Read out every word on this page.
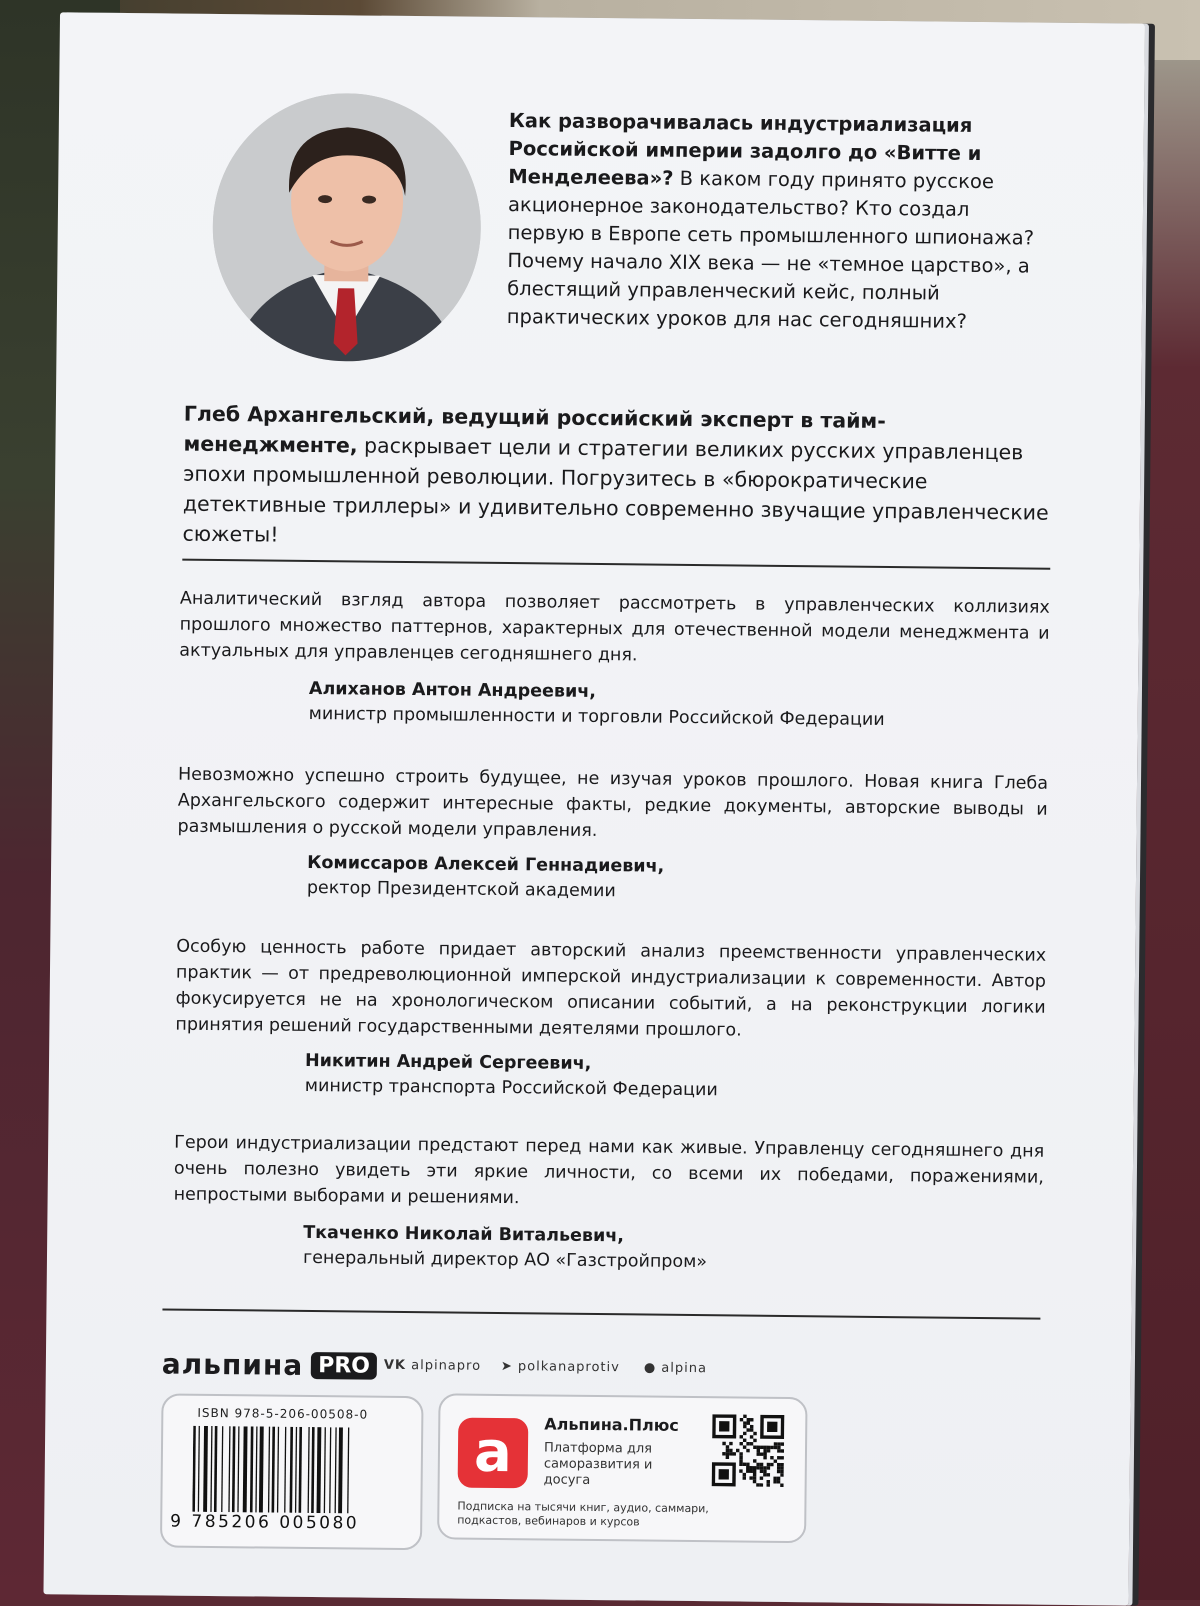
Как разворачивалась индустриализация Российской империи задолго до «Витте и Менделеева»? В каком году принято русское акционерное законодательство? Кто создал первую в Европе сеть промышленного шпионажа? Почему начало XIX века — не «темное царство», а блестящий управленческий кейс, полный практических уроков для нас сегодняшних?
Глеб Архангельский, ведущий российский эксперт в тайм-менеджменте, раскрывает цели и стратегии великих русских управленцев эпохи промышленной революции. Погрузитесь в «бюрократические детективные триллеры» и удивительно современно звучащие управленческие сюжеты!
Аналитический взгляд автора позволяет рассмотреть в управленческих коллизиях прошлого множество паттернов, характерных для отечественной модели менеджмента и актуальных для управленцев сегодняшнего дня.
Алиханов Антон Андреевич,
министр промышленности и торговли Российской Федерации
Невозможно успешно строить будущее, не изучая уроков прошлого. Новая книга Глеба Архангельского содержит интересные факты, редкие документы, авторские выводы и размышления о русской модели управления.
Комиссаров Алексей Геннадиевич,
ректор Президентской академии
Особую ценность работе придает авторский анализ преемственности управленческих практик — от предреволюционной имперской индустриализации к современности. Автор фокусируется не на хронологическом описании событий, а на реконструкции логики принятия решений государственными деятелями прошлого.
Никитин Андрей Сергеевич,
министр транспорта Российской Федерации
Герои индустриализации предстают перед нами как живые. Управленцу сегодняшнего дня очень полезно увидеть эти яркие личности, со всеми их победами, поражениями, непростыми выборами и решениями.
Ткаченко Николай Витальевич,
генеральный директор АО «Газстройпром»
альпина PRO	VK alpinapro ➤ polkanaprotiv ● alpina
ISBN 978-5-206-00508-0
9 785206 005080
а	Альпина.Плюс
Платформа для саморазвития и досуга
Подписка на тысячи книг, аудио, саммари, подкастов, вебинаров и курсов
